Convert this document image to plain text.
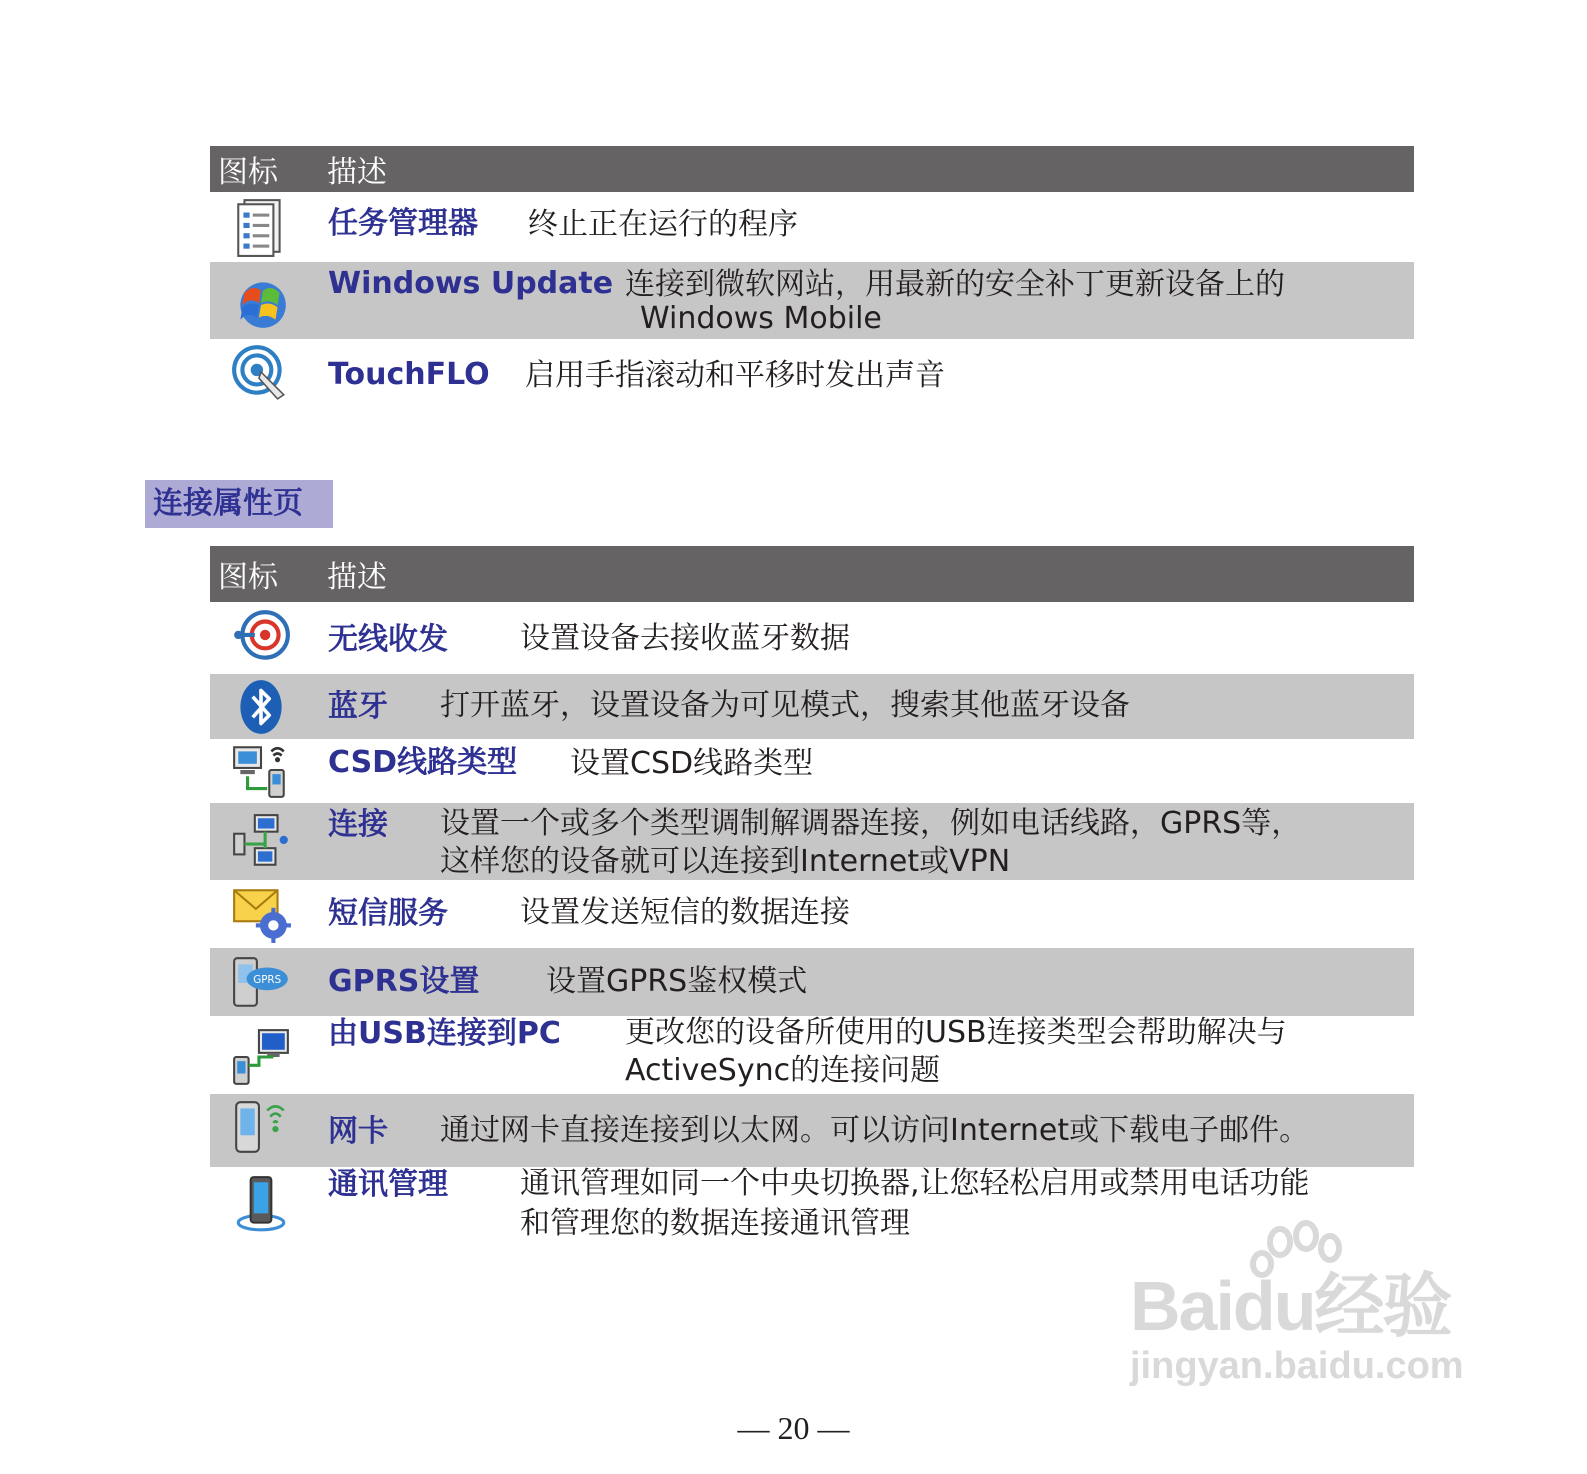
图标 描述
任务管理器 终止正在运行的程序
Windows Update 连接到微软网站，用最新的安全补丁更新设备上的
Windows Mobile
TouchFLO 启用手指滚动和平移时发出声音
连接属性页
图标 描述
无线收发 设置设备去接收蓝牙数据
蓝牙 打开蓝牙，设置设备为可见模式，搜索其他蓝牙设备
CSD线路类型 设置CSD线路类型
连接 设置一个或多个类型调制解调器连接，例如电话线路，GPRS等，
这样您的设备就可以连接到Internet或VPN
短信服务 设置发送短信的数据连接
GPRS GPRS设置 设置GPRS鉴权模式
由USB连接到PC 更改您的设备所使用的USB连接类型会帮助解决与
ActiveSync的连接问题
网卡 通过网卡直接连接到以太网。可以访问Internet或下载电子邮件。
通讯管理 通讯管理如同一个中央切换器,让您轻松启用或禁用电话功能
和管理您的数据连接通讯管理
Baidu经验
jingyan.baidu.com
— 20 —
